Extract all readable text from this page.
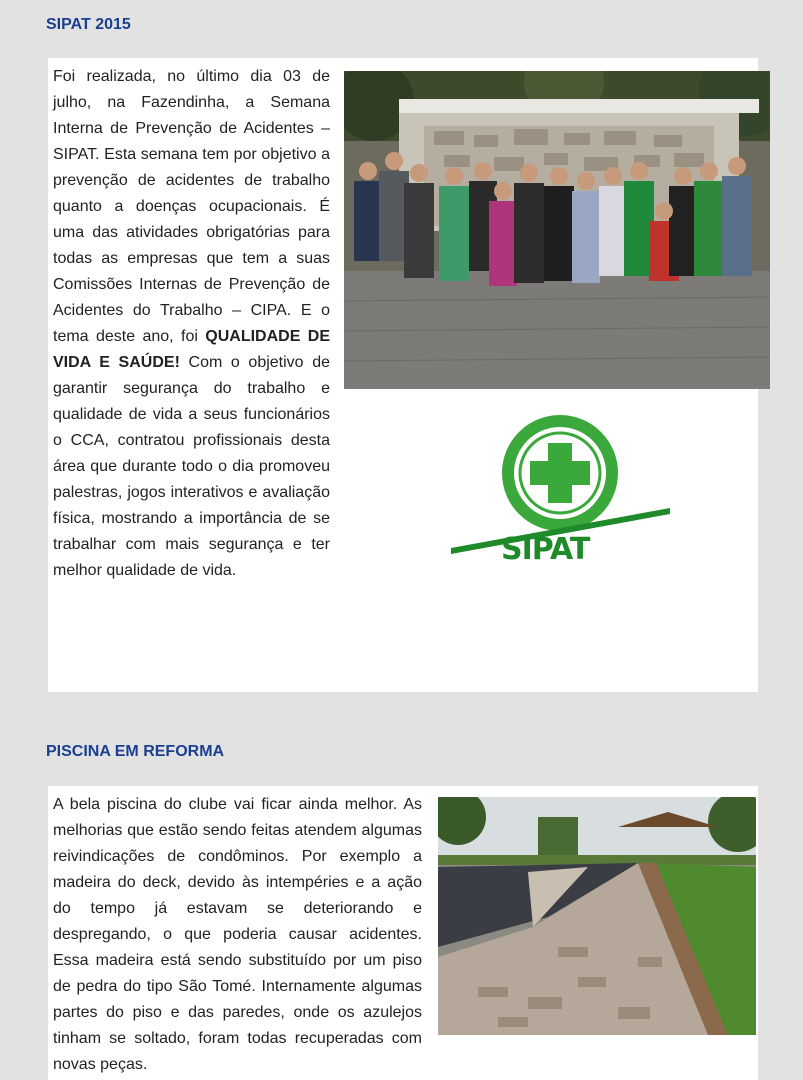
SIPAT 2015
SIPAT

Foi realizada, no último dia 03 de julho, na Fazendinha, a Semana Interna de Prevenção de Acidentes – SIPAT. Esta semana tem por objetivo a prevenção de acidentes de trabalho quanto a doenças ocupacionais. É uma das atividades obrigatórias para todas as empresas que tem a suas Comissões Internas de Prevenção de Acidentes do Trabalho – CIPA. E o tema deste ano, foi QUALIDADE DE VIDA E SAÚDE! Com o objetivo de garantir segurança do trabalho e qualidade de vida a seus funcionários o CCA, contratou profissionais desta área que durante todo o dia promoveu palestras, jogos interativos e avaliação física, mostrando a importância de se trabalhar com mais segurança e ter melhor qualidade de vida.

PISCINA EM REFORMA

A bela piscina do clube vai ficar ainda melhor. As melhorias que estão sendo feitas atendem algumas reivindicações de condôminos. Por exemplo a madeira do deck, devido às intempéries e a ação do tempo já estavam se deteriorando e despregando, o que poderia causar acidentes. Essa madeira está sendo substituído por um piso de pedra do tipo São Tomé. Internamente algumas partes do piso e das paredes, onde os azulejos tinham se soltado, foram todas recuperadas com novas peças.
